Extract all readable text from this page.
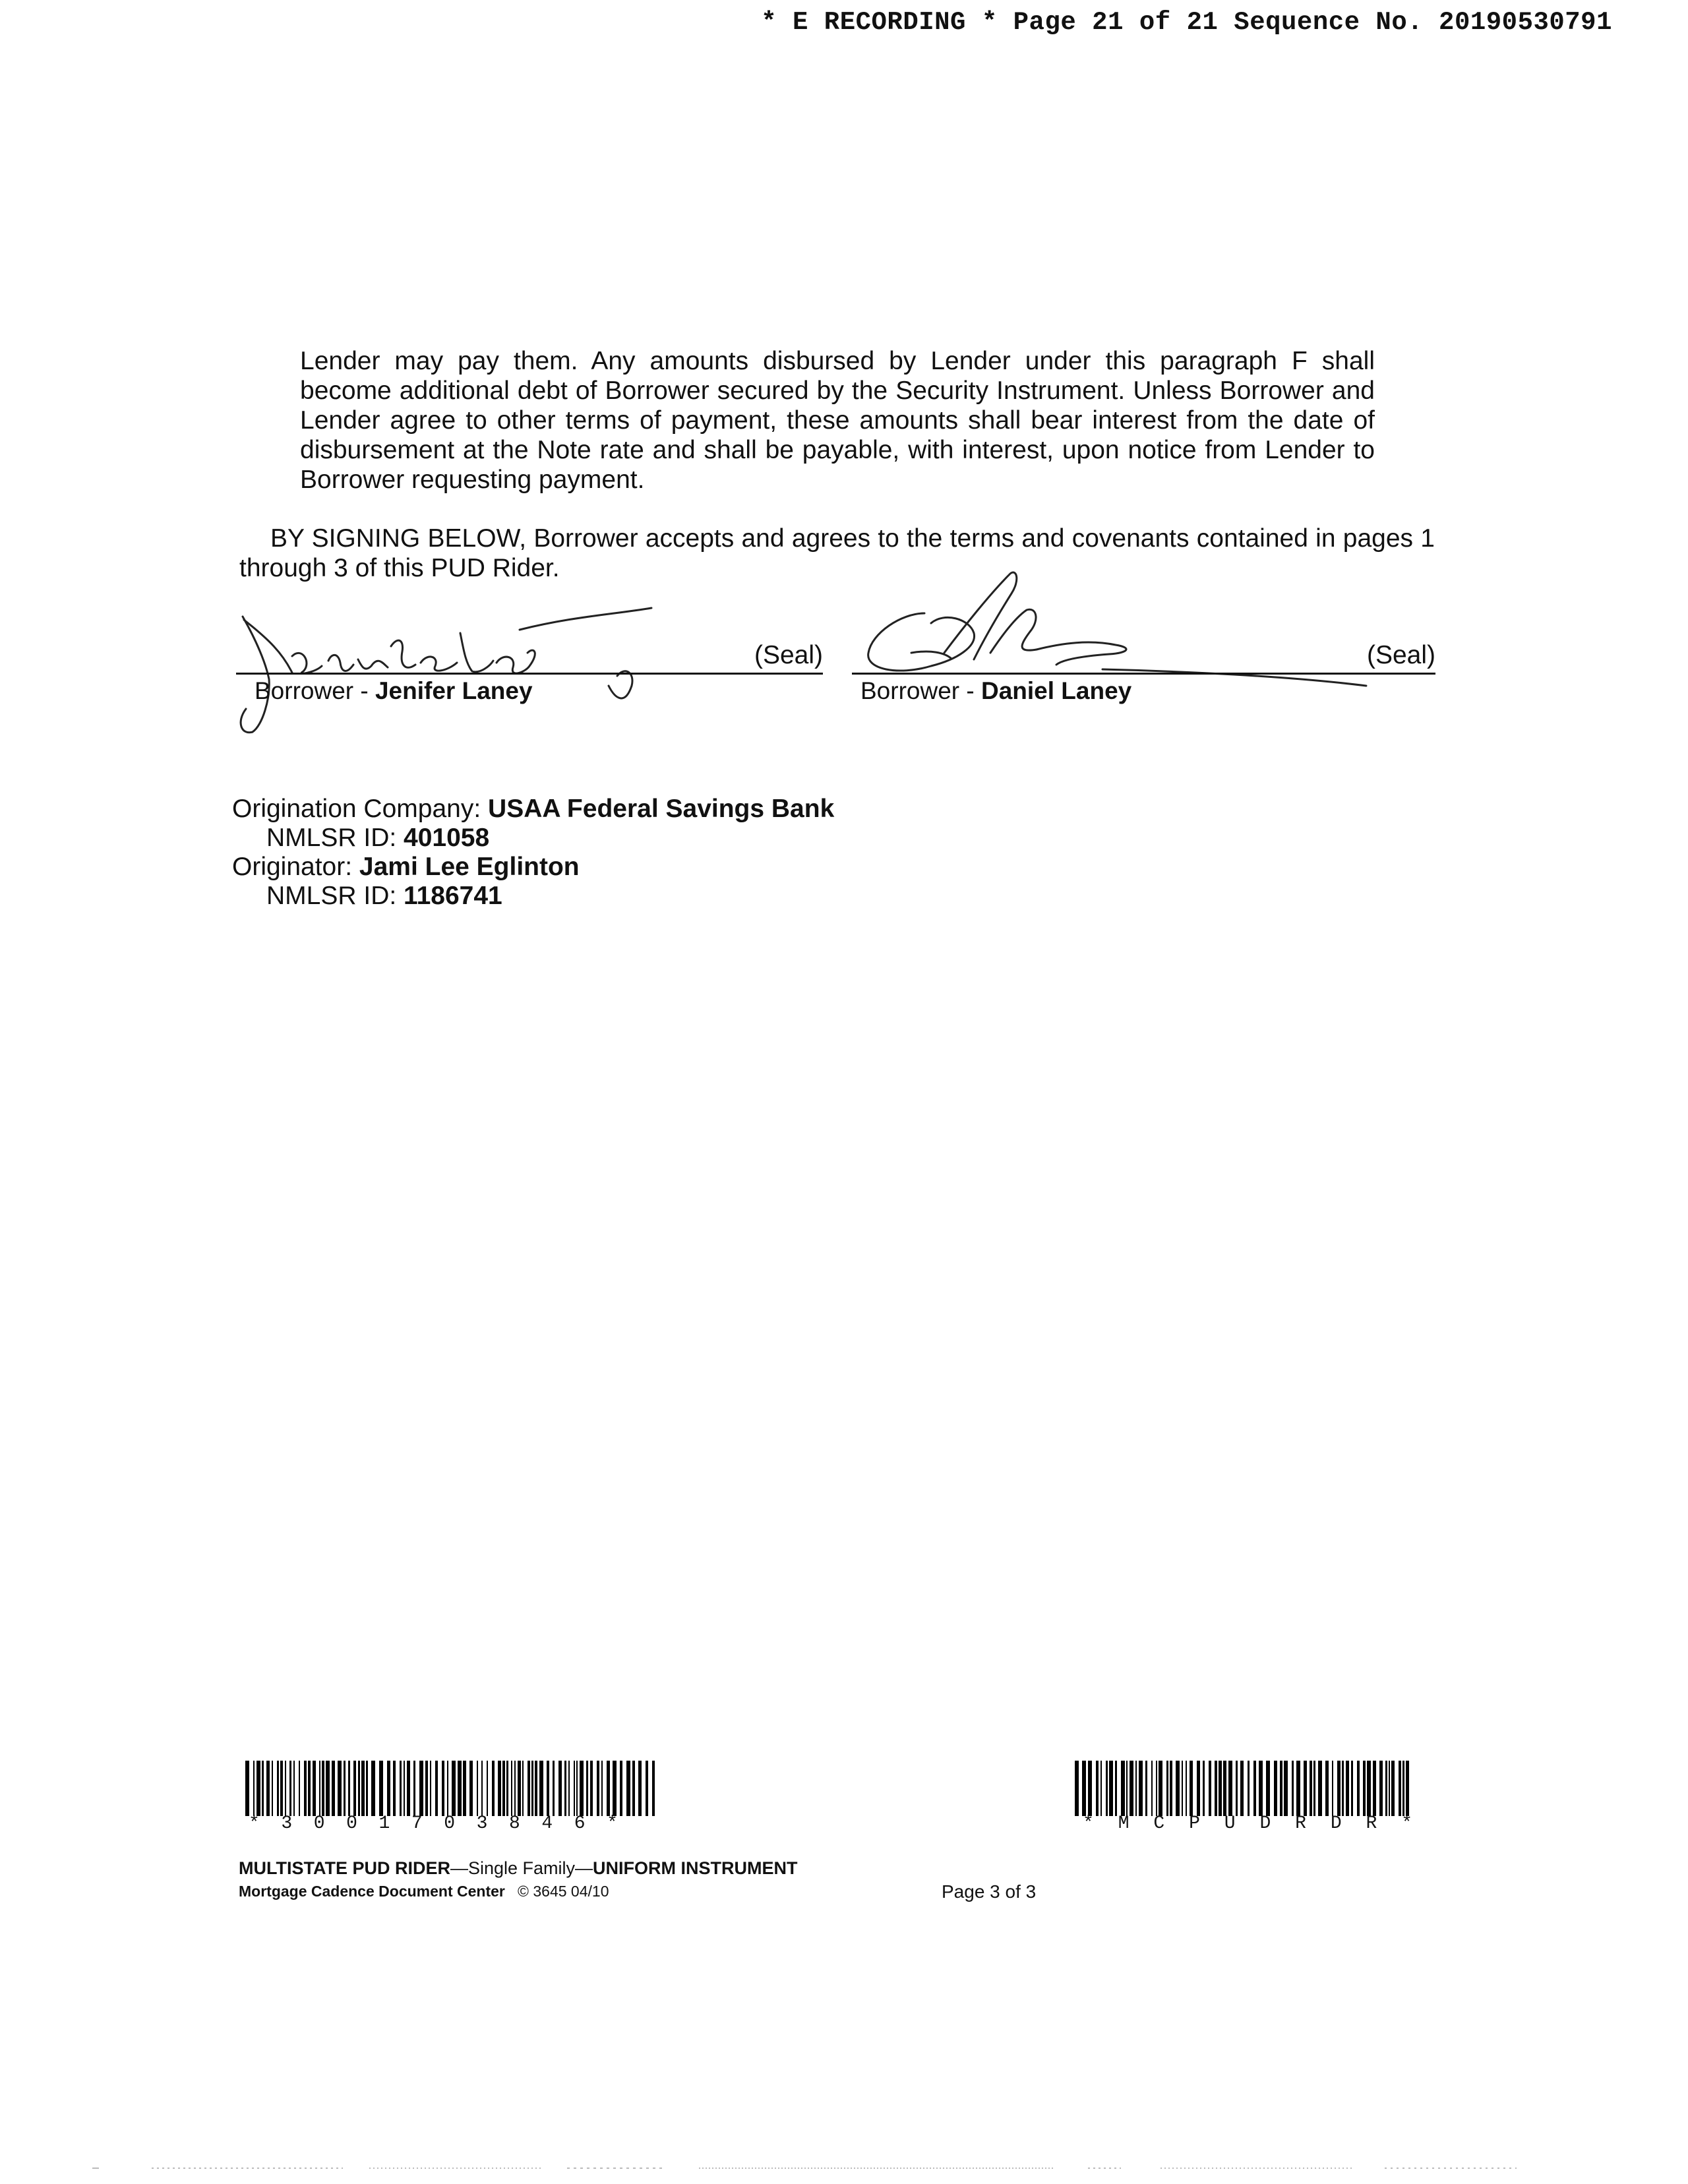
* E RECORDING * Page 21 of 21 Sequence No. 20190530791
Lender may pay them. Any amounts disbursed by Lender under this paragraph F shall become additional debt of Borrower secured by the Security Instrument. Unless Borrower and Lender agree to other terms of payment, these amounts shall bear interest from the date of disbursement at the Note rate and shall be payable, with interest, upon notice from Lender to Borrower requesting payment.
BY SIGNING BELOW, Borrower accepts and agrees to the terms and covenants contained in pages 1 through 3 of this PUD Rider.
(Seal)
Borrower - Jenifer Laney
(Seal)
Borrower - Daniel Laney
Origination Company: USAA Federal Savings Bank
NMLSR ID: 401058
Originator: Jami Lee Eglinton
NMLSR ID: 1186741
* 3 0 0 1 7 0 3 8 4 6 *	* M C P U D R D R *
MULTISTATE PUD RIDER—Single Family—UNIFORM INSTRUMENT
Mortgage Cadence Document Center © 3645 04/10	Page 3 of 3
